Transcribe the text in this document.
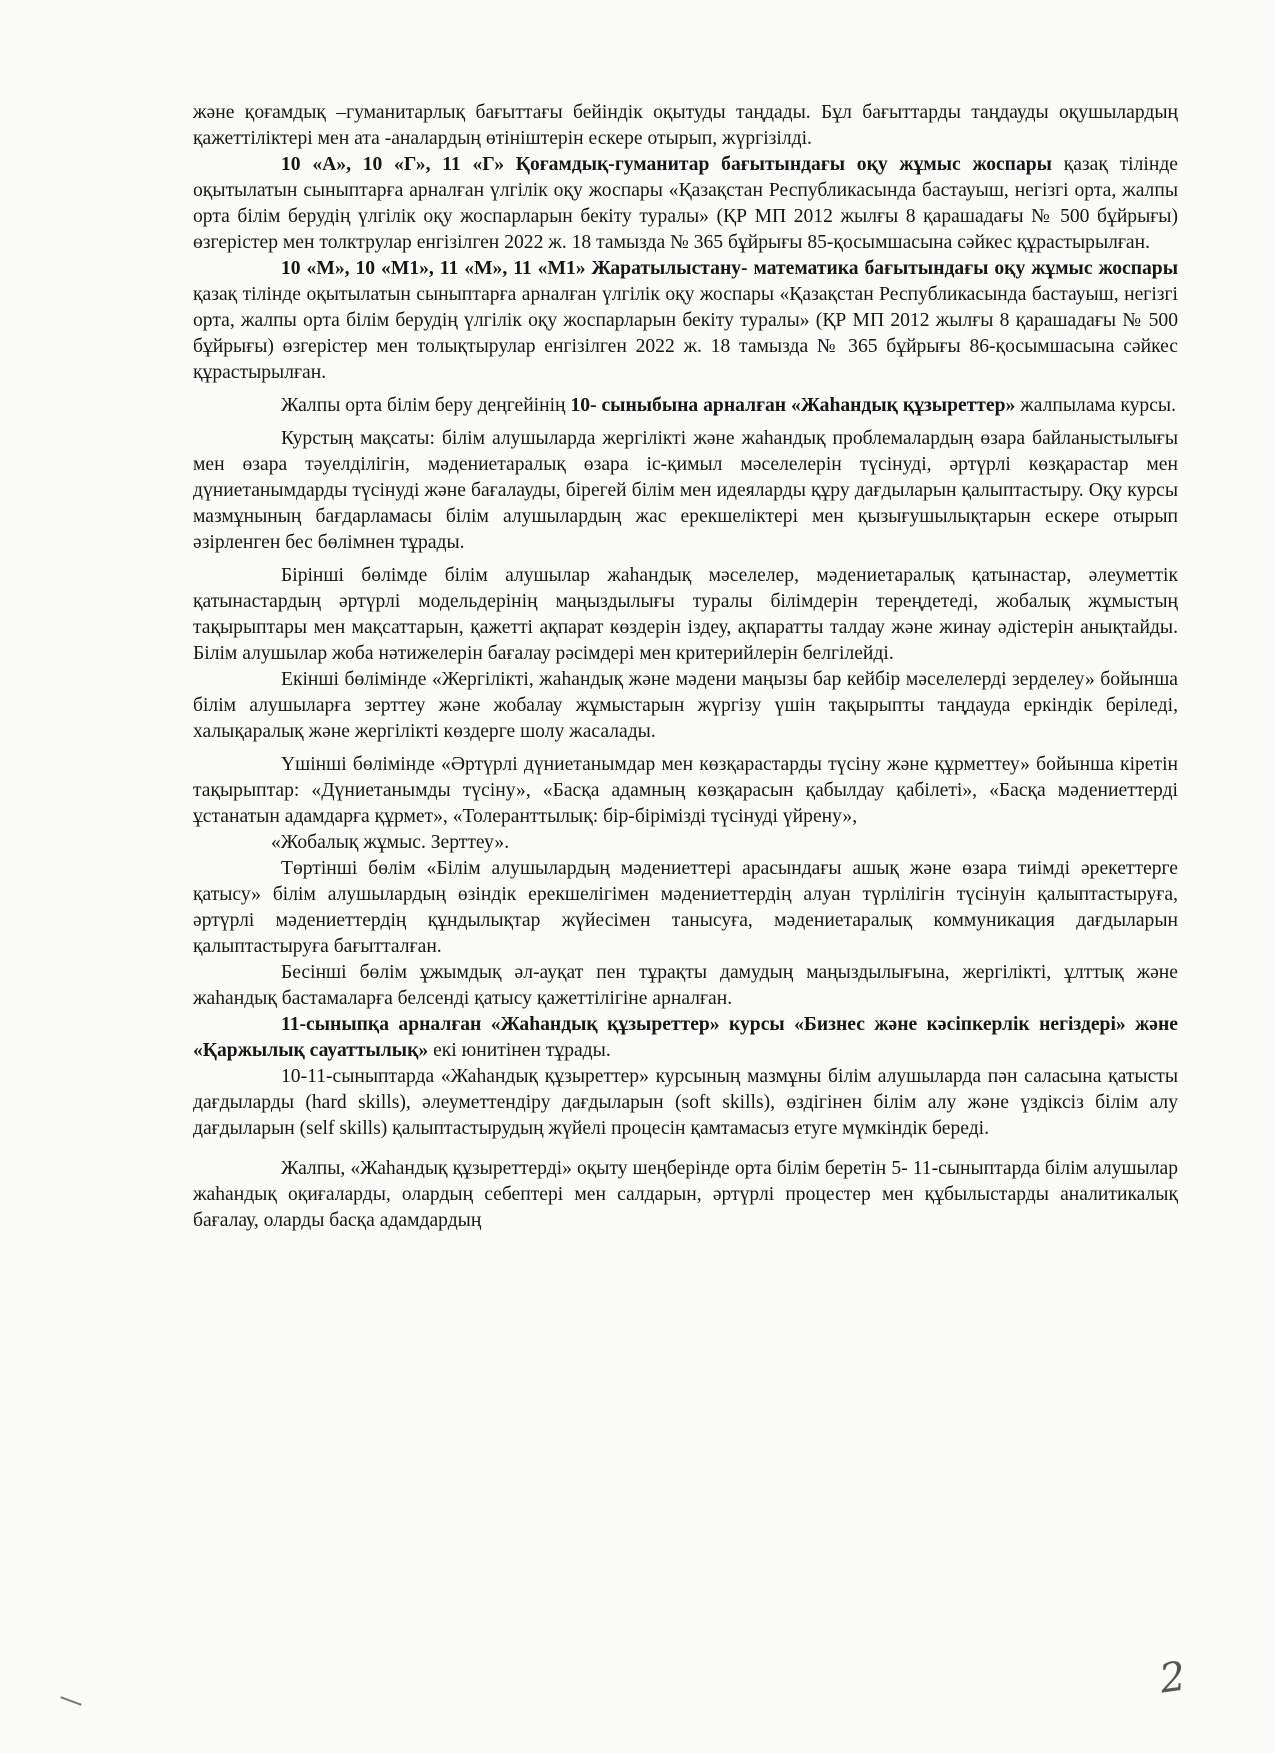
және қоғамдық –гуманитарлық бағыттағы бейіндік оқытуды таңдады. Бұл бағыттарды таңдауды оқушылардың қажеттіліктері мен ата -аналардың өтініштерін ескере отырып, жүргізілді.

10 «А», 10 «Г», 11 «Г» Қоғамдық-гуманитар бағытындағы оқу жұмыс жоспары қазақ тілінде оқытылатын сыныптарға арналған үлгілік оқу жоспары «Қазақстан Республикасында бастауыш, негізгі орта, жалпы орта білім берудің үлгілік оқу жоспарларын бекіту туралы» (ҚР МП 2012 жылғы 8 қарашадағы № 500 бұйрығы) өзгерістер мен толктрулар енгізілген 2022 ж. 18 тамызда № 365 бұйрығы 85-қосымшасына сәйкес құрастырылған.

10 «М», 10 «М1», 11 «М», 11 «М1» Жаратылыстану- математика бағытындағы оқу жұмыс жоспары қазақ тілінде оқытылатын сыныптарға арналған үлгілік оқу жоспары «Қазақстан Республикасында бастауыш, негізгі орта, жалпы орта білім берудің үлгілік оқу жоспарларын бекіту туралы» (ҚР МП 2012 жылғы 8 қарашадағы № 500 бұйрығы) өзгерістер мен толықтырулар енгізілген 2022 ж. 18 тамызда № 365 бұйрығы 86-қосымшасына сәйкес құрастырылған.

Жалпы орта білім беру деңгейінің 10- сыныбына арналған «Жаһандық құзыреттер» жалпылама курсы.

Курстың мақсаты: білім алушыларда жергілікті және жаһандық проблемалардың өзара байланыстылығы мен өзара тәуелділігін, мәдениетаралық өзара іс-қимыл мәселелерін түсінуді, әртүрлі көзқарастар мен дүниетанымдарды түсінуді және бағалауды, бірегей білім мен идеяларды құру дағдыларын қалыптастыру. Оқу курсы мазмұнының бағдарламасы білім алушылардың жас ерекшеліктері мен қызығушылықтарын ескере отырып әзірленген бес бөлімнен тұрады.

Бірінші бөлімде білім алушылар жаһандық мәселелер, мәдениетаралық қатынастар, әлеуметтік қатынастардың әртүрлі модельдерінің маңыздылығы туралы білімдерін тереңдетеді, жобалық жұмыстың тақырыптары мен мақсаттарын, қажетті ақпарат көздерін іздеу, ақпаратты талдау және жинау әдістерін анықтайды. Білім алушылар жоба нәтижелерін бағалау рәсімдері мен критерийлерін белгілейді.

Екінші бөлімінде «Жергілікті, жаһандық және мәдени маңызы бар кейбір мәселелерді зерделеу» бойынша білім алушыларға зерттеу және жобалау жұмыстарын жүргізу үшін тақырыпты таңдауда еркіндік беріледі, халықаралық және жергілікті көздерге шолу жасалады.

Үшінші бөлімінде «Әртүрлі дүниетанымдар мен көзқарастарды түсіну және құрметтеу» бойынша кіретін тақырыптар: «Дүниетанымды түсіну», «Басқа адамның көзқарасын қабылдау қабілеті», «Басқа мәдениеттерді ұстанатын адамдарға құрмет», «Толеранттылық: бір-бірімізді түсінуді үйрену»,

«Жобалық жұмыс. Зерттеу».

Төртінші бөлім «Білім алушылардың мәдениеттері арасындағы ашық және өзара тиімді әрекеттерге қатысу» білім алушылардың өзіндік ерекшелігімен мәдениеттердің алуан түрлілігін түсінуін қалыптастыруға, әртүрлі мәдениеттердің құндылықтар жүйесімен танысуға, мәдениетаралық коммуникация дағдыларын қалыптастыруға бағытталған.

Бесінші бөлім ұжымдық әл-ауқат пен тұрақты дамудың маңыздылығына, жергілікті, ұлттық және жаһандық бастамаларға белсенді қатысу қажеттілігіне арналған.

11-сыныпқа арналған «Жаһандық құзыреттер» курсы «Бизнес және кәсіпкерлік негіздері» және «Қаржылық сауаттылық» екі юнитінен тұрады.

10-11-сыныптарда «Жаһандық құзыреттер» курсының мазмұны білім алушыларда пән саласына қатысты дағдыларды (hard skills), әлеуметтендіру дағдыларын (soft skills), өздігінен білім алу және үздіксіз білім алу дағдыларын (self skills) қалыптастырудың жүйелі процесін қамтамасыз етуге мүмкіндік береді.

Жалпы, «Жаһандық құзыреттерді» оқыту шеңберінде орта білім беретін 5- 11-сыныптарда білім алушылар жаһандық оқиғаларды, олардың себептері мен салдарын, әртүрлі процестер мен құбылыстарды аналитикалық бағалау, оларды басқа адамдардың

2
